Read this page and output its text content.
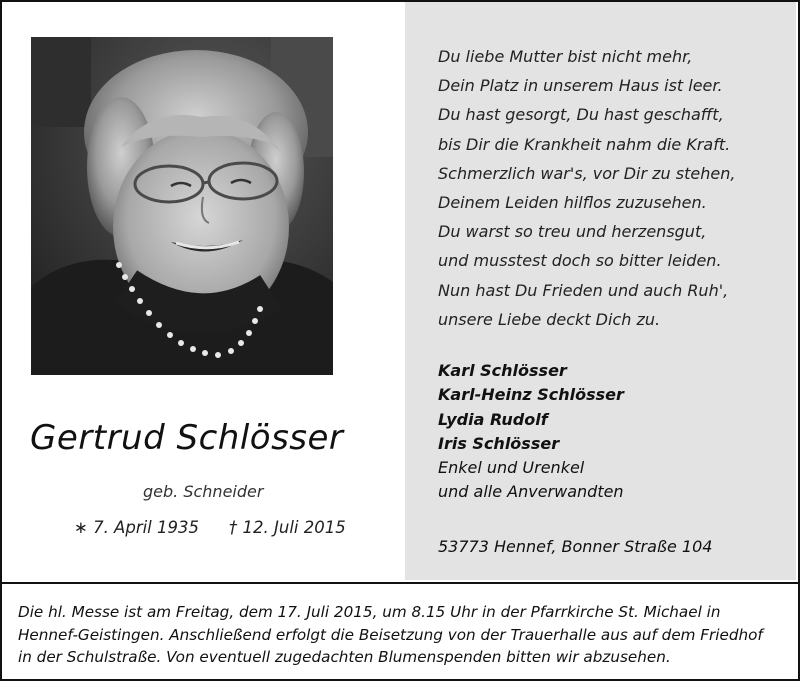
Gertrud Schlösser
geb. Schneider
∗ 7. April 1935 † 12. Juli 2015
Du liebe Mutter bist nicht mehr,
Dein Platz in unserem Haus ist leer.
Du hast gesorgt, Du hast geschafft,
bis Dir die Krankheit nahm die Kraft.
Schmerzlich war's, vor Dir zu stehen,
Deinem Leiden hilflos zuzusehen.
Du warst so treu und herzensgut,
und musstest doch so bitter leiden.
Nun hast Du Frieden und auch Ruh',
unsere Liebe deckt Dich zu.
Karl Schlösser
Karl-Heinz Schlösser
Lydia Rudolf
Iris Schlösser
Enkel und Urenkel
und alle Anverwandten
53773 Hennef, Bonner Straße 104
Die hl. Messe ist am Freitag, dem 17. Juli 2015, um 8.15 Uhr in der Pfarrkirche St. Michael in
Hennef-Geistingen. Anschließend erfolgt die Beisetzung von der Trauerhalle aus auf dem Friedhof
in der Schulstraße. Von eventuell zugedachten Blumenspenden bitten wir abzusehen.
